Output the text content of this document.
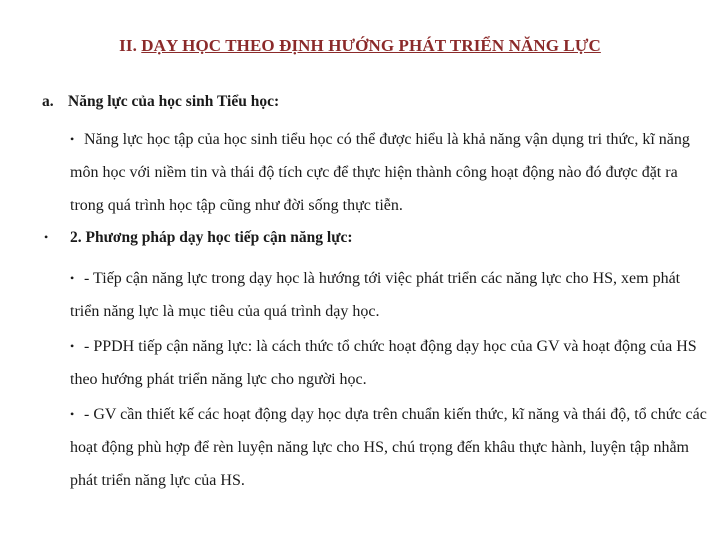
II. DẠY HỌC THEO ĐỊNH HƯỚNG PHÁT TRIỂN NĂNG LỰC
a. Năng lực của học sinh Tiểu học:
• Năng lực học tập của học sinh tiểu học có thể được hiểu là khả năng vận dụng tri thức, kĩ năng môn học với niềm tin và thái độ tích cực để thực hiện thành công hoạt động nào đó được đặt ra trong quá trình học tập cũng như đời sống thực tiễn.
• 2. Phương pháp dạy học tiếp cận năng lực:
• - Tiếp cận năng lực trong dạy học là hướng tới việc phát triển các năng lực cho HS, xem phát triển năng lực là mục tiêu của quá trình dạy học.
• - PPDH tiếp cận năng lực: là cách thức tổ chức hoạt động dạy học của GV và hoạt động của HS theo hướng phát triển năng lực cho người học.
• - GV cần thiết kế các hoạt động dạy học dựa trên chuẩn kiến thức, kĩ năng và thái độ, tổ chức các hoạt động phù hợp để rèn luyện năng lực cho HS, chú trọng đến khâu thực hành, luyện tập nhằm phát triển năng lực của HS.
